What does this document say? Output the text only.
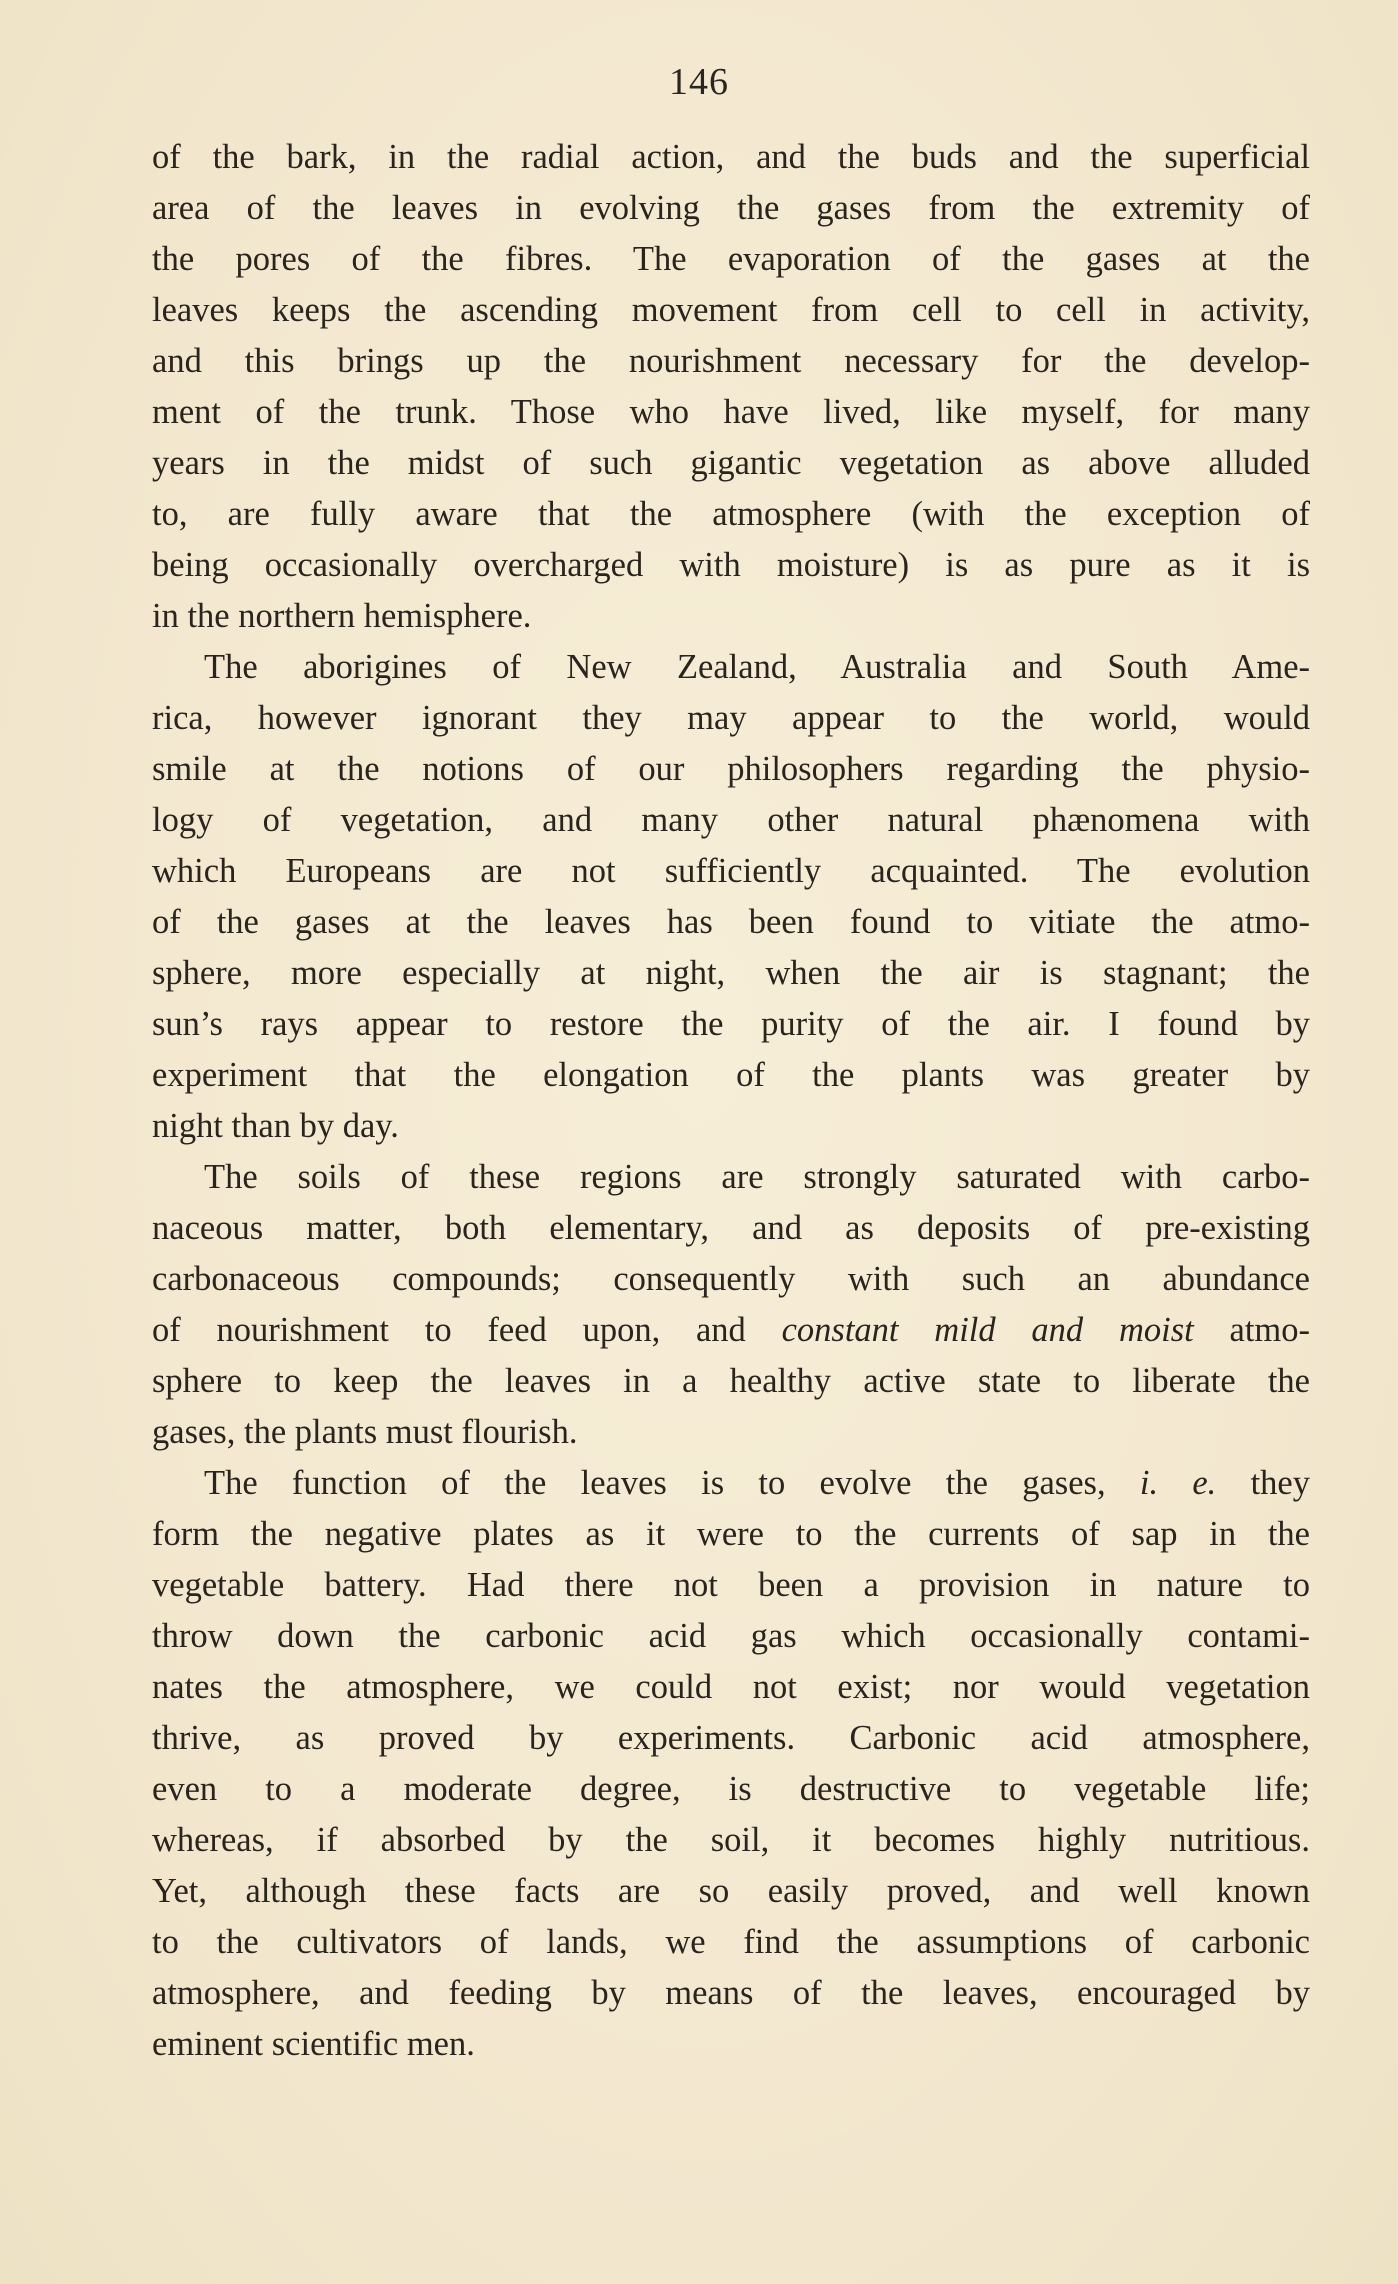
146
of the bark, in the radial action, and the buds and the superficial
area of the leaves in evolving the gases from the extremity of
the pores of the fibres. The evaporation of the gases at the
leaves keeps the ascending movement from cell to cell in activity,
and this brings up the nourishment necessary for the develop-
ment of the trunk. Those who have lived, like myself, for many
years in the midst of such gigantic vegetation as above alluded
to, are fully aware that the atmosphere (with the exception of
being occasionally overcharged with moisture) is as pure as it is
in the northern hemisphere.
The aborigines of New Zealand, Australia and South Ame-
rica, however ignorant they may appear to the world, would
smile at the notions of our philosophers regarding the physio-
logy of vegetation, and many other natural phænomena with
which Europeans are not sufficiently acquainted. The evolution
of the gases at the leaves has been found to vitiate the atmo-
sphere, more especially at night, when the air is stagnant; the
sun’s rays appear to restore the purity of the air. I found by
experiment that the elongation of the plants was greater by
night than by day.
The soils of these regions are strongly saturated with carbo-
naceous matter, both elementary, and as deposits of pre-existing
carbonaceous compounds; consequently with such an abundance
of nourishment to feed upon, and constant mild and moist atmo-
sphere to keep the leaves in a healthy active state to liberate the
gases, the plants must flourish.
The function of the leaves is to evolve the gases, i. e. they
form the negative plates as it were to the currents of sap in the
vegetable battery. Had there not been a provision in nature to
throw down the carbonic acid gas which occasionally contami-
nates the atmosphere, we could not exist; nor would vegetation
thrive, as proved by experiments. Carbonic acid atmosphere,
even to a moderate degree, is destructive to vegetable life;
whereas, if absorbed by the soil, it becomes highly nutritious.
Yet, although these facts are so easily proved, and well known
to the cultivators of lands, we find the assumptions of carbonic
atmosphere, and feeding by means of the leaves, encouraged by
eminent scientific men.
